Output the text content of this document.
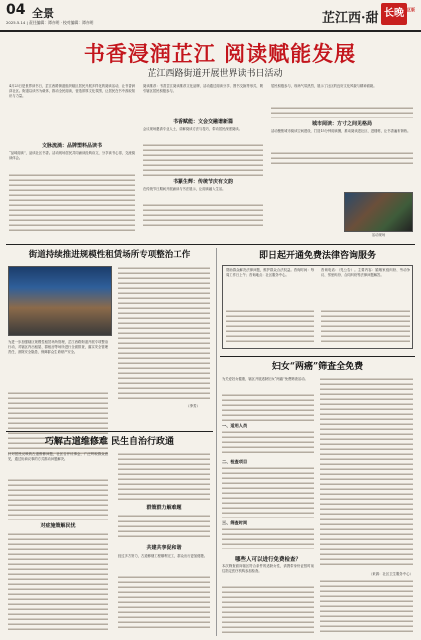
04 全景
2025.5.14 | 责任编辑：谭亦明 · 校对编辑：谭亦明	芷江西·甜 长晚 区版
书香浸润芷江 阅读赋能发展
芷江西路街道开展世界读书日活动
4月23日是世界读书日，芷江西路街道组织辖区居民开展多样化的阅读活动，让书香润泽社区。街道以读书为载体，推动全民阅读，营造浓厚文化氛围，让居民在书中汲取知识与力量。
文脉流淌：品牌塑料品读书
“品味阅读”，品读社区书香。活动现场居民共同诵读经典诗文，分享读书心得，交流阅读体会。
阅读推荐：书香芷江阅读推荐文化品牌，活动通过阅读分享、图书交换等形式，吸引辖区居民积极参与。
书香赋能：文会交融谱新篇
会议现场邀请专业人士，讲解阅读方法与技巧，带动居民深度阅读。
书篆生辉：传统节庆有文韵
在传统节日期间开展诵读与书法展示，让阅读融入生活。
居民积极参与，现场气氛热烈，展示了社区的良好文化风貌与精神面貌。
城市阅读：方寸之间见格局
活动聚焦城市阅读空间建设，打造15分钟阅读圈，推动阅读进社区、进楼栋，让书香遍布街巷。
活动现场
街道持续推进规模性租赁场所专项整治工作
为进一步加强辖区规模性租赁场所管理，芷江西路街道开展专项整治行动，对辖区内出租屋、群租房等场所进行全面排查，落实安全管理责任，消除安全隐患，保障群众生命财产安全。
（李芳）
巧解古道维修难 民生自治行政通
针对居民反映的古道维修问题，社区召开议事会，广泛听取群众意见，通过协商议事的方式推动问题解决。
群策群力解难题
对症施策解民忧
共建共享促和谐
经过多方努力，古道修缮工程顺利完工，群众出行更加便捷。
即日起开通免费法律咨询服务
帮助群众解决法律问题，维护群众合法权益。咨询时间：每周工作日上午；咨询地点：社区服务中心。
咨询电话：（见公告）。主要内容：婚姻家庭纠纷、劳动争议、邻里纠纷、合同纠纷等法律问题解答。
妇女“两癌”筛查全免费
为关爱妇女健康，辖区开展适龄妇女“两癌”免费筛查活动。
一、适用人员
二、检查项目
三、筛查时间
哪些人可以进行免费检查？
本次筛查面向辖区符合条件的适龄女性，请携带身份证按时前往指定医疗机构参加检查。
（来源：社区卫生服务中心）
